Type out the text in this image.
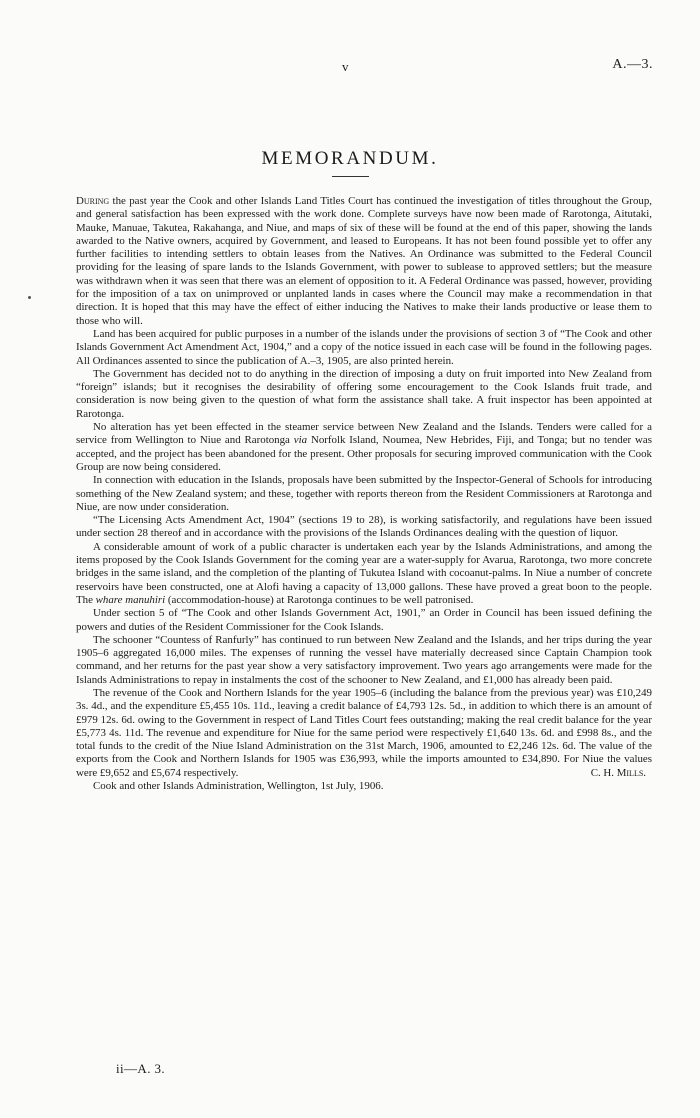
v	A.—3.
MEMORANDUM.

During the past year the Cook and other Islands Land Titles Court has continued the investigation of titles throughout the Group, and general satisfaction has been expressed with the work done. Complete surveys have now been made of Rarotonga, Aitutaki, Mauke, Manuae, Takutea, Rakahanga, and Niue, and maps of six of these will be found at the end of this paper, showing the lands awarded to the Native owners, acquired by Government, and leased to Europeans. It has not been found possible yet to offer any further facilities to intending settlers to obtain leases from the Natives. An Ordinance was submitted to the Federal Council providing for the leasing of spare lands to the Islands Government, with power to sublease to approved settlers; but the measure was withdrawn when it was seen that there was an element of opposition to it. A Federal Ordinance was passed, however, providing for the imposition of a tax on unimproved or unplanted lands in cases where the Council may make a recommendation in that direction. It is hoped that this may have the effect of either inducing the Natives to make their lands productive or lease them to those who will.

Land has been acquired for public purposes in a number of the islands under the provisions of section 3 of “The Cook and other Islands Government Act Amendment Act, 1904,” and a copy of the notice issued in each case will be found in the following pages. All Ordinances assented to since the publication of A.–3, 1905, are also printed herein.

The Government has decided not to do anything in the direction of imposing a duty on fruit imported into New Zealand from “foreign” islands; but it recognises the desirability of offering some encouragement to the Cook Islands fruit trade, and consideration is now being given to the question of what form the assistance shall take. A fruit inspector has been appointed at Rarotonga.

No alteration has yet been effected in the steamer service between New Zealand and the Islands. Tenders were called for a service from Wellington to Niue and Rarotonga via Norfolk Island, Noumea, New Hebrides, Fiji, and Tonga; but no tender was accepted, and the project has been abandoned for the present. Other proposals for securing improved communication with the Cook Group are now being considered.

In connection with education in the Islands, proposals have been submitted by the Inspector-General of Schools for introducing something of the New Zealand system; and these, together with reports thereon from the Resident Commissioners at Rarotonga and Niue, are now under consideration.

“The Licensing Acts Amendment Act, 1904” (sections 19 to 28), is working satisfactorily, and regulations have been issued under section 28 thereof and in accordance with the provisions of the Islands Ordinances dealing with the question of liquor.

A considerable amount of work of a public character is undertaken each year by the Islands Administrations, and among the items proposed by the Cook Islands Government for the coming year are a water-supply for Avarua, Rarotonga, two more concrete bridges in the same island, and the completion of the planting of Tukutea Island with cocoanut-palms. In Niue a number of concrete reservoirs have been constructed, one at Alofi having a capacity of 13,000 gallons. These have proved a great boon to the people. The whare manuhiri (accommodation-house) at Rarotonga continues to be well patronised.

Under section 5 of “The Cook and other Islands Government Act, 1901,” an Order in Council has been issued defining the powers and duties of the Resident Commissioner for the Cook Islands.

The schooner “Countess of Ranfurly” has continued to run between New Zealand and the Islands, and her trips during the year 1905–6 aggregated 16,000 miles. The expenses of running the vessel have materially decreased since Captain Champion took command, and her returns for the past year show a very satisfactory improvement. Two years ago arrangements were made for the Islands Administrations to repay in instalments the cost of the schooner to New Zealand, and £1,000 has already been paid.

The revenue of the Cook and Northern Islands for the year 1905–6 (including the balance from the previous year) was £10,249 3s. 4d., and the expenditure £5,455 10s. 11d., leaving a credit balance of £4,793 12s. 5d., in addition to which there is an amount of £979 12s. 6d. owing to the Government in respect of Land Titles Court fees outstanding; making the real credit balance for the year £5,773 4s. 11d. The revenue and expenditure for Niue for the same period were respectively £1,640 13s. 6d. and £998 8s., and the total funds to the credit of the Niue Island Administration on the 31st March, 1906, amounted to £2,246 12s. 6d. The value of the exports from the Cook and Northern Islands for 1905 was £36,993, while the imports amounted to £34,890. For Niue the values were £9,652 and £5,674 respectively.	C. H. Mills.

Cook and other Islands Administration, Wellington, 1st July, 1906.

ii—A. 3.
